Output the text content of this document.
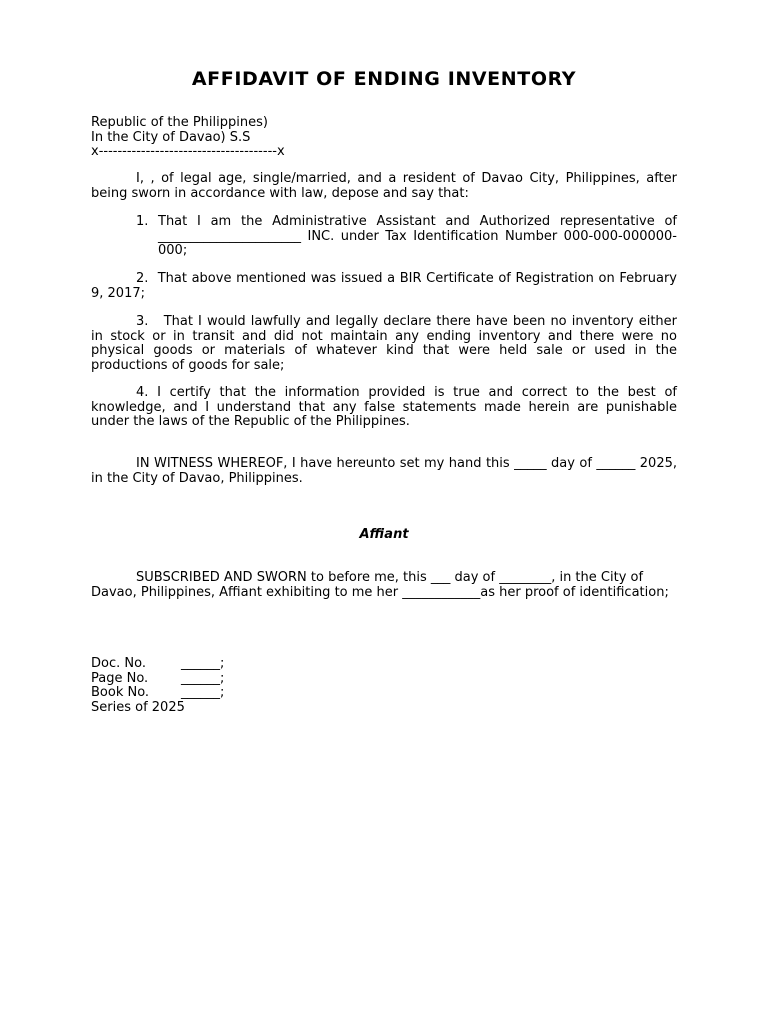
AFFIDAVIT OF ENDING INVENTORY
Republic of the Philippines)
In the City of Davao) S.S
x--------------------------------------x
I, , of legal age, single/married, and a resident of Davao City, Philippines, after being sworn in accordance with law, depose and say that:
1. That I am the Administrative Assistant and Authorized representative of ______________________ INC. under Tax Identification Number 000-000-000000-000;
2. That above mentioned was issued a BIR Certificate of Registration on February 9, 2017;
3. That I would lawfully and legally declare there have been no inventory either in stock or in transit and did not maintain any ending inventory and there were no physical goods or materials of whatever kind that were held sale or used in the productions of goods for sale;
4. I certify that the information provided is true and correct to the best of knowledge, and I understand that any false statements made herein are punishable under the laws of the Republic of the Philippines.
IN WITNESS WHEREOF, I have hereunto set my hand this _____ day of ______ 2025, in the City of Davao, Philippines.
Affiant
SUBSCRIBED AND SWORN to before me, this ___ day of ________, in the City of Davao, Philippines, Affiant exhibiting to me her ____________as her proof of identification;
Doc. No.	______;
Page No.	______;
Book No. ______;
Series of 2025
